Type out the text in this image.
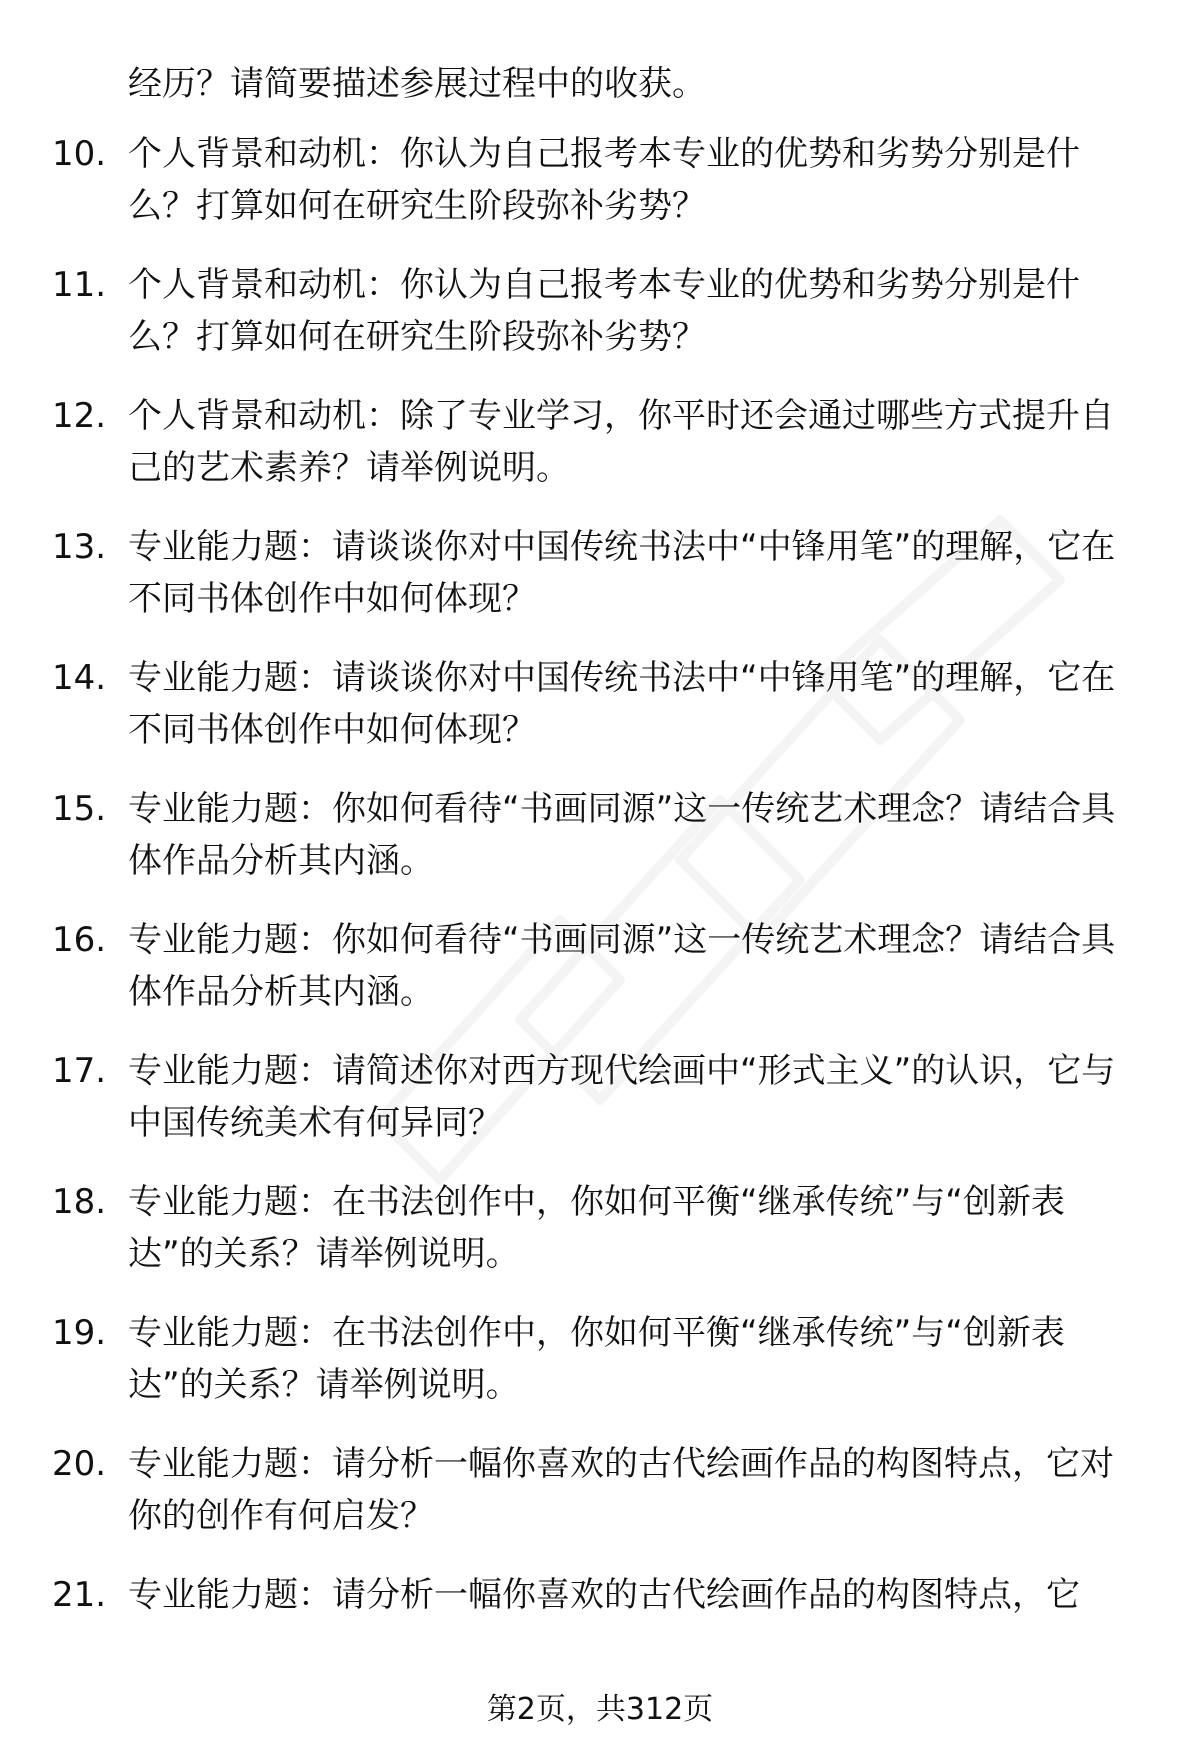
经历？请简要描述参展过程中的收获。
10. 个人背景和动机：你认为自己报考本专业的优势和劣势分别是什么？打算如何在研究生阶段弥补劣势？
11. 个人背景和动机：你认为自己报考本专业的优势和劣势分别是什么？打算如何在研究生阶段弥补劣势？
12. 个人背景和动机：除了专业学习，你平时还会通过哪些方式提升自己的艺术素养？请举例说明。
13. 专业能力题：请谈谈你对中国传统书法中“中锋用笔”的理解，它在不同书体创作中如何体现？
14. 专业能力题：请谈谈你对中国传统书法中“中锋用笔”的理解，它在不同书体创作中如何体现？
15. 专业能力题：你如何看待“书画同源”这一传统艺术理念？请结合具体作品分析其内涵。
16. 专业能力题：你如何看待“书画同源”这一传统艺术理念？请结合具体作品分析其内涵。
17. 专业能力题：请简述你对西方现代绘画中“形式主义”的认识，它与中国传统美术有何异同？
18. 专业能力题：在书法创作中，你如何平衡“继承传统”与“创新表达”的关系？请举例说明。
19. 专业能力题：在书法创作中，你如何平衡“继承传统”与“创新表达”的关系？请举例说明。
20. 专业能力题：请分析一幅你喜欢的古代绘画作品的构图特点，它对你的创作有何启发？
21. 专业能力题：请分析一幅你喜欢的古代绘画作品的构图特点，它
第2页，共312页
